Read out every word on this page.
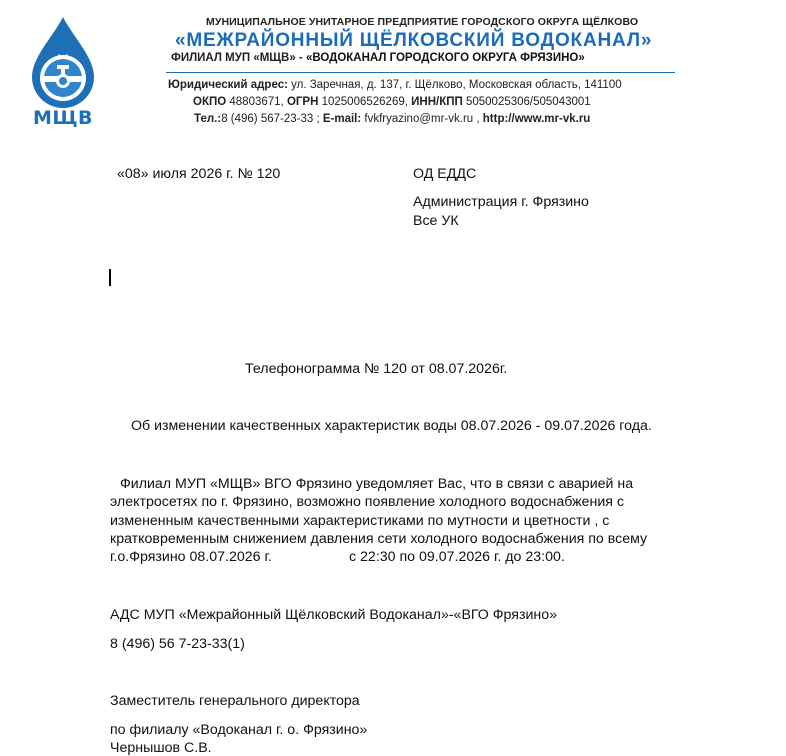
МЩВ
МУНИЦИПАЛЬНОЕ УНИТАРНОЕ ПРЕДПРИЯТИЕ ГОРОДСКОГО ОКРУГА ЩЁЛКОВО
«МЕЖРАЙОННЫЙ ЩЁЛКОВСКИЙ ВОДОКАНАЛ»
ФИЛИАЛ МУП «МЩВ» - «ВОДОКАНАЛ ГОРОДСКОГО ОКРУГА ФРЯЗИНО»
Юридический адрес: ул. Заречная, д. 137, г. Щёлково, Московская область, 141100
ОКПО 48803671, ОГРН 1025006526269, ИНН/КПП 5050025306/505043001
Тел.:8 (496) 567-23-33 ; E-mail: fvkfryazino@mr-vk.ru , http://www.mr-vk.ru
«08» июля 2026 г. № 120	ОД ЕДДС
Администрация г. Фрязино
Все УК
Телефонограмма № 120 от 08.07.2026г.
Об изменении качественных характеристик воды 08.07.2026 - 09.07.2026 года.
Филиал МУП «МЩВ» ВГО Фрязино уведомляет Вас, что в связи с аварией на
электросетях по г. Фрязино, возможно появление холодного водоснабжения с
измененным качественными характеристиками по мутности и цветности , с
кратковременным снижением давления сети холодного водоснабжения по всему
г.о.Фрязино 08.07.2026 г.	с 22:30 по 09.07.2026 г. до 23:00.
АДС МУП «Межрайонный Щёлковский Водоканал»-«ВГО Фрязино»
8 (496) 56 7-23-33(1)
Заместитель генерального директора
по филиалу «Водоканал г. о. Фрязино»
Чернышов С.В.
